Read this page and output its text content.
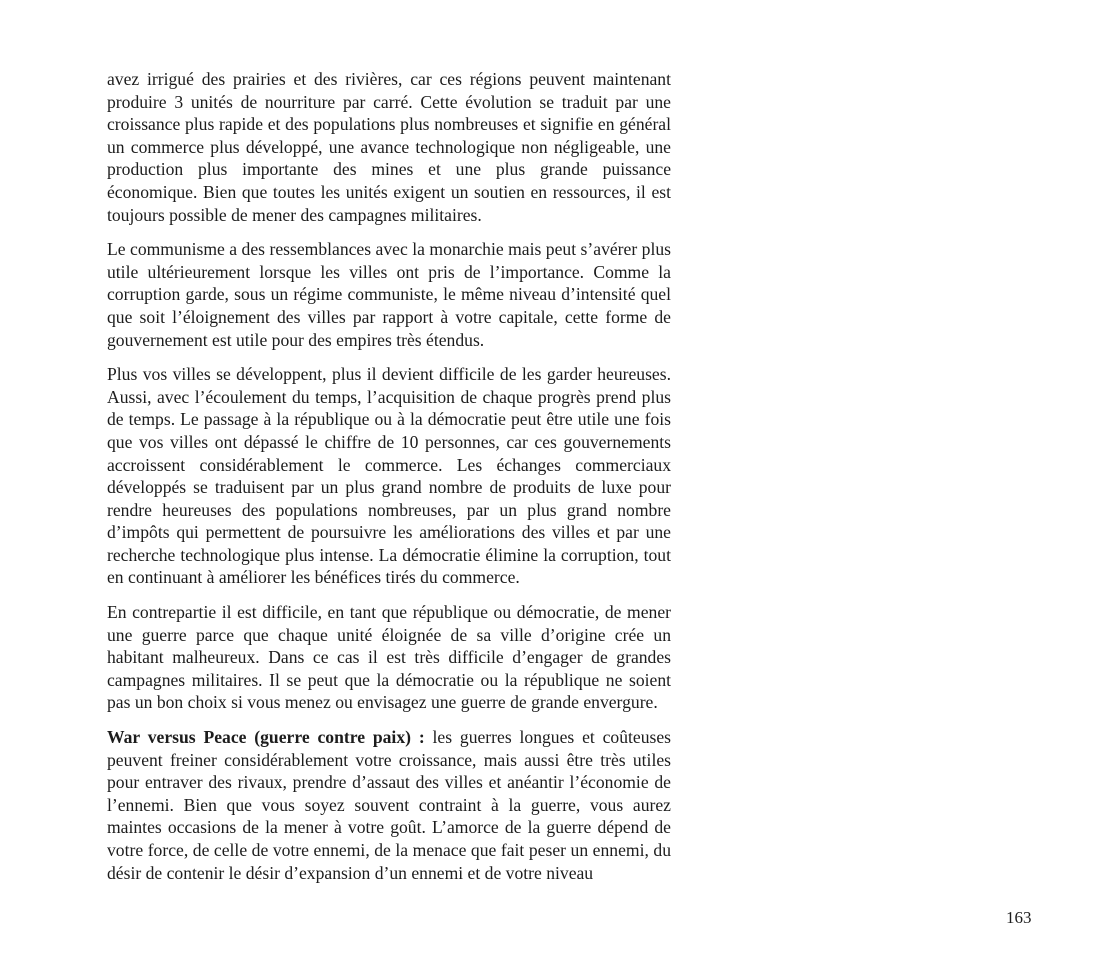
avez irrigué des prairies et des rivières, car ces régions peuvent maintenant produire 3 unités de nourriture par carré. Cette évolution se traduit par une croissance plus rapide et des populations plus nombreuses et signifie en général un commerce plus développé, une avance technologique non négligeable, une production plus importante des mines et une plus grande puissance économique. Bien que toutes les unités exigent un soutien en ressources, il est toujours possible de mener des campagnes militaires.

Le communisme a des ressemblances avec la monarchie mais peut s’avérer plus utile ultérieurement lorsque les villes ont pris de l’importance. Comme la corruption garde, sous un régime communiste, le même niveau d’intensité quel que soit l’éloignement des villes par rapport à votre capitale, cette forme de gouvernement est utile pour des empires très étendus.

Plus vos villes se développent, plus il devient difficile de les garder heureuses. Aussi, avec l’écoulement du temps, l’acquisition de chaque progrès prend plus de temps. Le passage à la république ou à la démocratie peut être utile une fois que vos villes ont dépassé le chiffre de 10 personnes, car ces gouvernements accroissent considérablement le commerce. Les échanges commerciaux développés se traduisent par un plus grand nombre de produits de luxe pour rendre heureuses des populations nombreuses, par un plus grand nombre d’impôts qui permettent de poursuivre les améliorations des villes et par une recherche technologique plus intense. La démocratie élimine la corruption, tout en continuant à améliorer les bénéfices tirés du commerce.

En contrepartie il est difficile, en tant que république ou démocratie, de mener une guerre parce que chaque unité éloignée de sa ville d’origine crée un habitant malheureux. Dans ce cas il est très difficile d’engager de grandes campagnes militaires. Il se peut que la démocratie ou la république ne soient pas un bon choix si vous menez ou envisagez une guerre de grande envergure.

War versus Peace (guerre contre paix) : les guerres longues et coûteuses peuvent freiner considérablement votre croissance, mais aussi être très utiles pour entraver des rivaux, prendre d’assaut des villes et anéantir l’économie de l’ennemi. Bien que vous soyez souvent contraint à la guerre, vous aurez maintes occasions de la mener à votre goût. L’amorce de la guerre dépend de votre force, de celle de votre ennemi, de la menace que fait peser un ennemi, du désir de contenir le désir d’expansion d’un ennemi et de votre niveau

163
